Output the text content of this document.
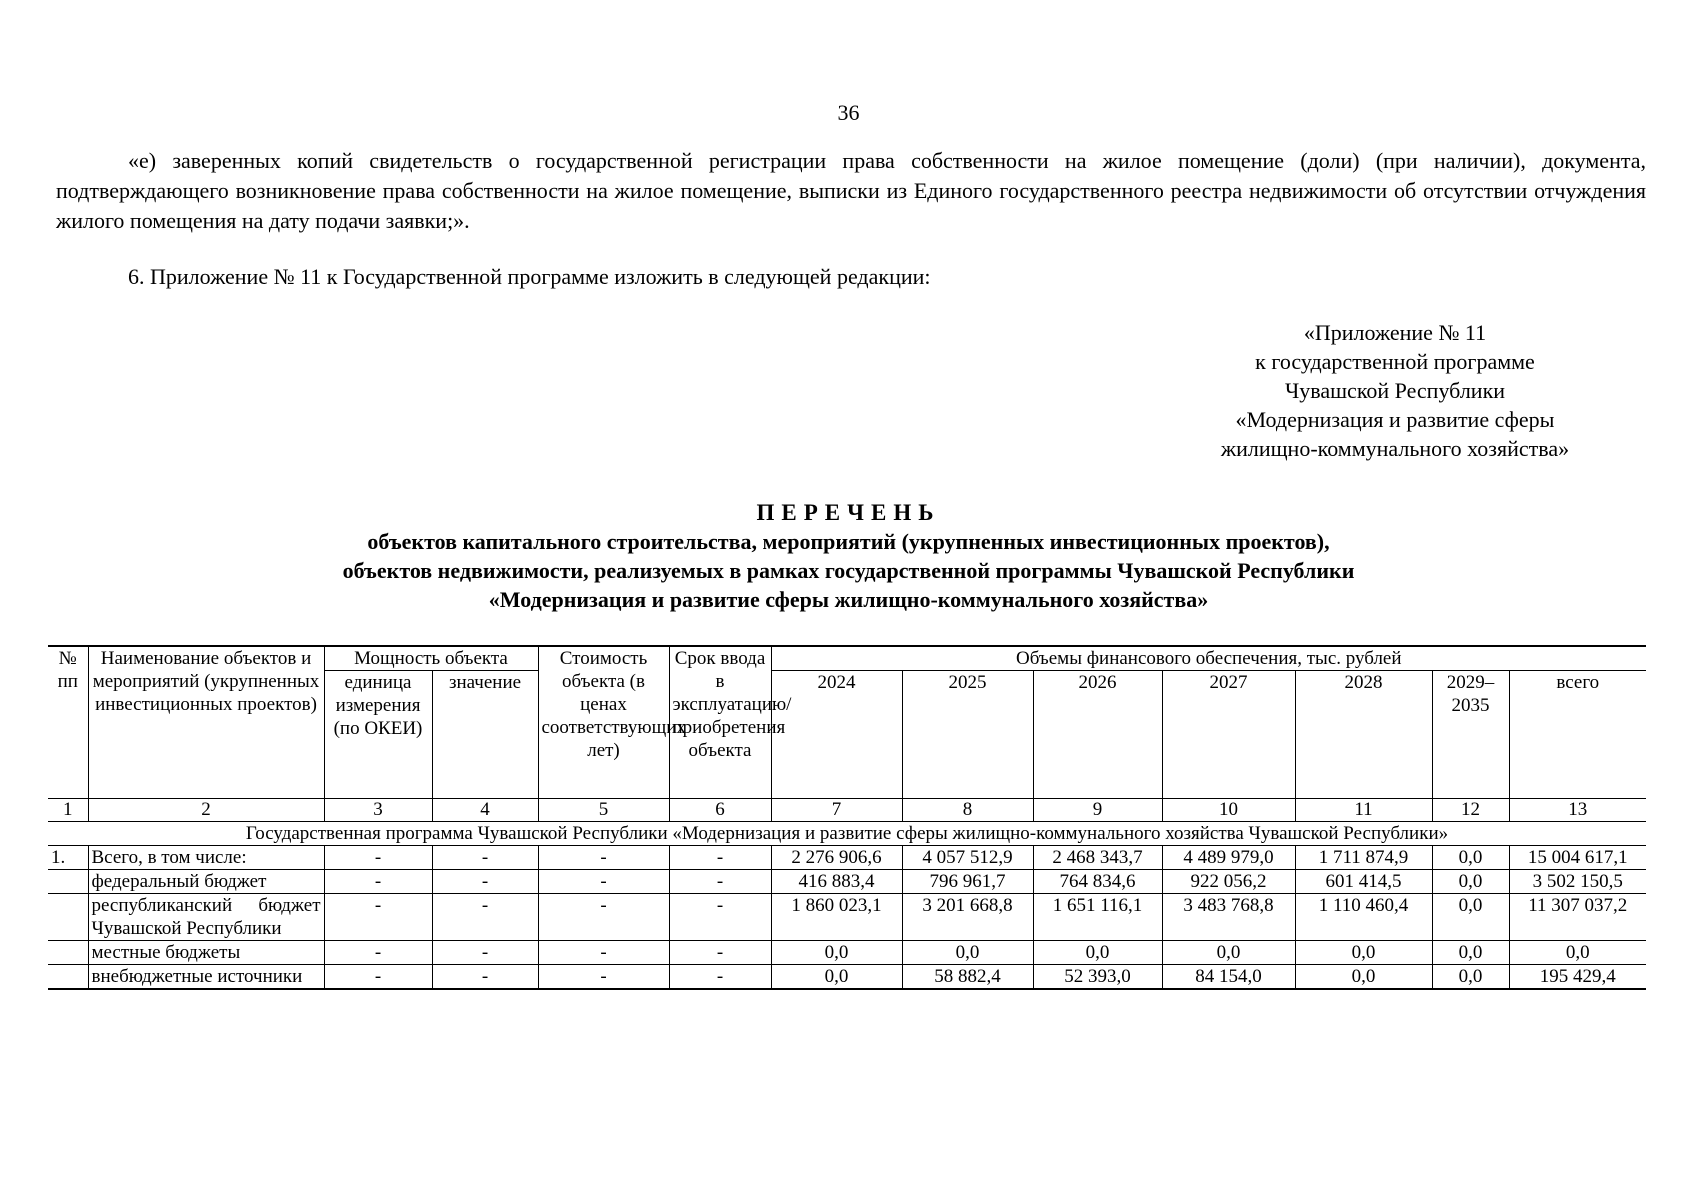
36

«е) заверенных копий свидетельств о государственной регистрации права собственности на жилое помещение (доли) (при наличии), документа, подтверждающего возникновение права собственности на жилое помещение, выписки из Единого государственного реестра недвижимости об отсутствии отчуждения жилого помещения на дату подачи заявки;».

6. Приложение № 11 к Государственной программе изложить в следующей редакции:

«Приложение № 11
к государственной программе
Чувашской Республики
«Модернизация и развитие сферы
жилищно-коммунального хозяйства»
ПЕРЕЧЕНЬ
объектов капитального строительства, мероприятий (укрупненных инвестиционных проектов),
объектов недвижимости, реализуемых в рамках государственной программы Чувашской Республики
«Модернизация и развитие сферы жилищно-коммунального хозяйства»
№ пп	Наименование объектов и мероприятий (укрупненных инвестиционных проектов)	Мощность объекта		Стоимость объекта (в ценах соответствующих лет)	Срок ввода в эксплуатацию/ приобретения объекта	Объемы финансового обеспечения, тыс. рублей						
		единица измерения (по ОКЕИ)	значение			2024	2025	2026	2027	2028	2029–2035	всего
1	2	3	4	5	6	7	8	9	10	11	12	13
Государственная программа Чувашской Республики «Модернизация и развитие сферы жилищно-коммунального хозяйства Чувашской Республики»												
1.	Всего, в том числе:	-	-	-	-	2 276 906,6	4 057 512,9	2 468 343,7	4 489 979,0	1 711 874,9	0,0	15 004 617,1
	федеральный бюджет	-	-	-	-	416 883,4	796 961,7	764 834,6	922 056,2	601 414,5	0,0	3 502 150,5
	республиканский бюджет Чувашской Республики	-	-	-	-	1 860 023,1	3 201 668,8	1 651 116,1	3 483 768,8	1 110 460,4	0,0	11 307 037,2
	местные бюджеты	-	-	-	-	0,0	0,0	0,0	0,0	0,0	0,0	0,0
	внебюджетные источники	-	-	-	-	0,0	58 882,4	52 393,0	84 154,0	0,0	0,0	195 429,4
